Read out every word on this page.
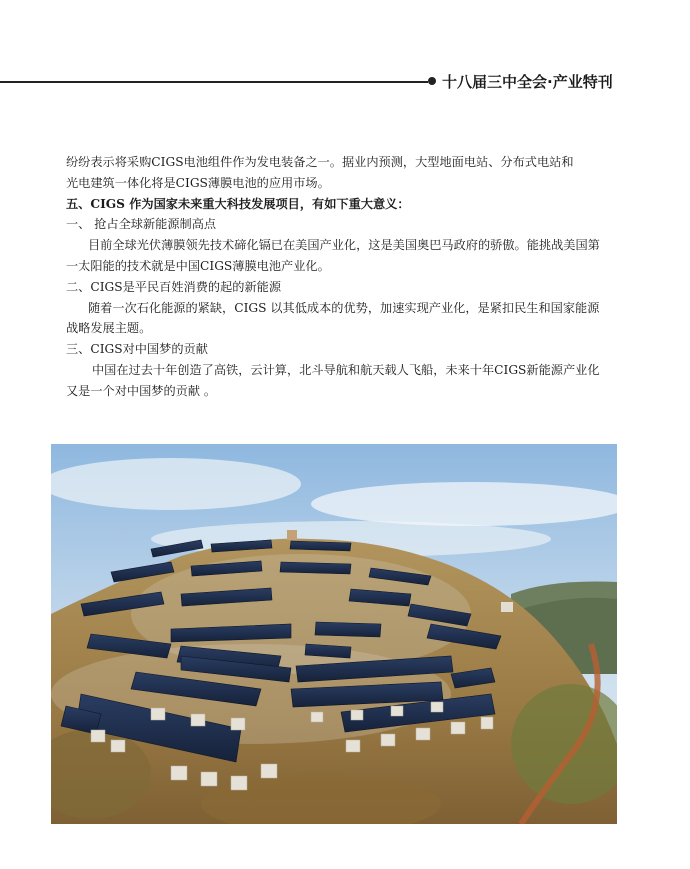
十八届三中全会·产业特刊

纷纷表示将采购CIGS电池组件作为发电装备之一。据业内预测，大型地面电站、分布式电站和

光电建筑一体化将是CIGS薄膜电池的应用市场。

五、CIGS 作为国家未来重大科技发展项目，有如下重大意义：

一、 抢占全球新能源制高点

目前全球光伏薄膜领先技术碲化镉已在美国产业化，这是美国奥巴马政府的骄傲。能挑战美国第

一太阳能的技术就是中国CIGS薄膜电池产业化。

二、CIGS是平民百姓消费的起的新能源

随着一次石化能源的紧缺，CIGS 以其低成本的优势，加速实现产业化，是紧扣民生和国家能源

战略发展主题。

三、CIGS对中国梦的贡献

中国在过去十年创造了高铁，云计算，北斗导航和航天载人飞船，未来十年CIGS新能源产业化

又是一个对中国梦的贡献 。
